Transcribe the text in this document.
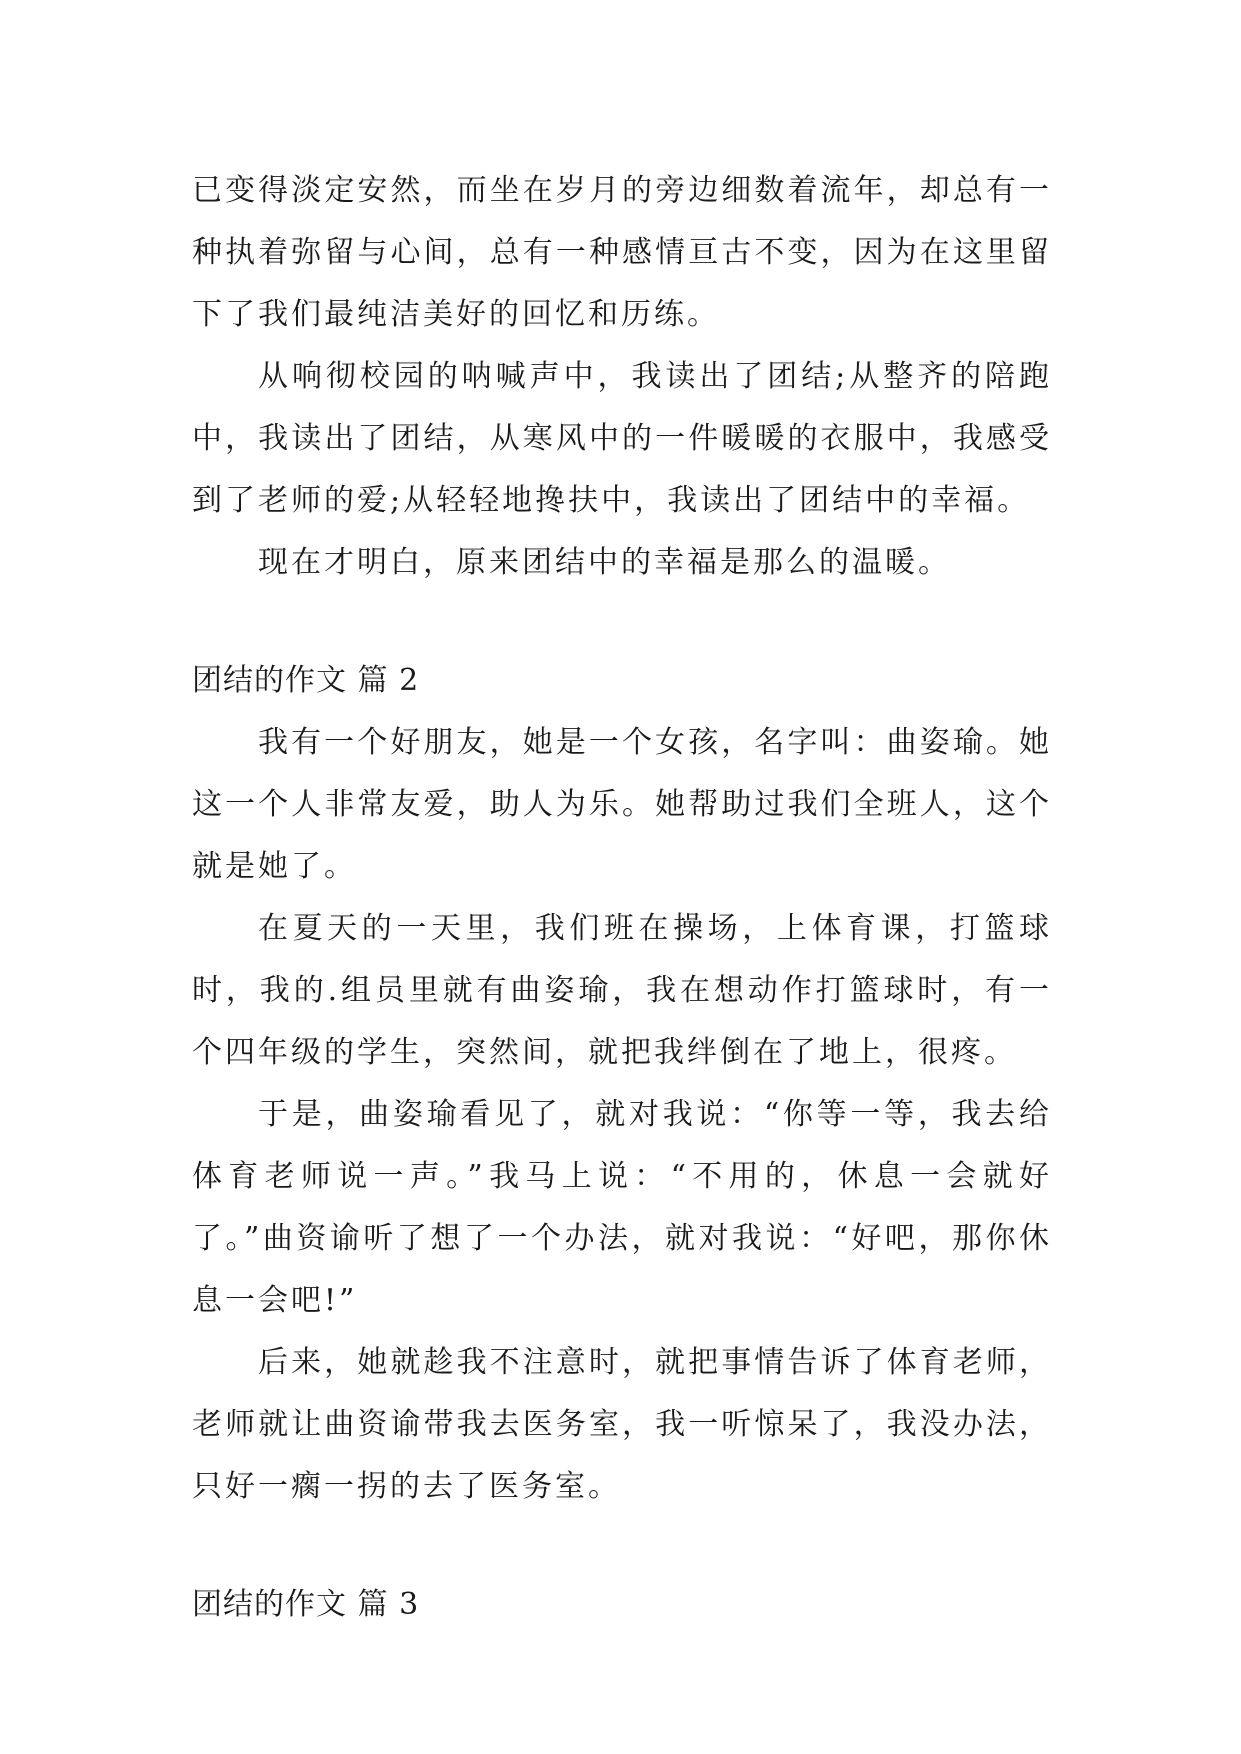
已变得淡定安然，而坐在岁月的旁边细数着流年，却总有一种执着弥留与心间，总有一种感情亘古不变，因为在这里留下了我们最纯洁美好的回忆和历练。

从响彻校园的呐喊声中，我读出了团结;从整齐的陪跑中，我读出了团结，从寒风中的一件暖暖的衣服中，我感受到了老师的爱;从轻轻地搀扶中，我读出了团结中的幸福。

现在才明白，原来团结中的幸福是那么的温暖。

团结的作文 篇 2

我有一个好朋友，她是一个女孩，名字叫：曲姿瑜。她这一个人非常友爱，助人为乐。她帮助过我们全班人，这个就是她了。

在夏天的一天里，我们班在操场，上体育课，打篮球时，我的.组员里就有曲姿瑜，我在想动作打篮球时，有一个四年级的学生，突然间，就把我绊倒在了地上，很疼。

于是，曲姿瑜看见了，就对我说：“你等一等，我去给体育老师说一声。”我马上说：“不用的，休息一会就好了。”曲资谕听了想了一个办法，就对我说：“好吧，那你休息一会吧!”

后来，她就趁我不注意时，就把事情告诉了体育老师，老师就让曲资谕带我去医务室，我一听惊呆了，我没办法，只好一瘸一拐的去了医务室。

团结的作文 篇 3
